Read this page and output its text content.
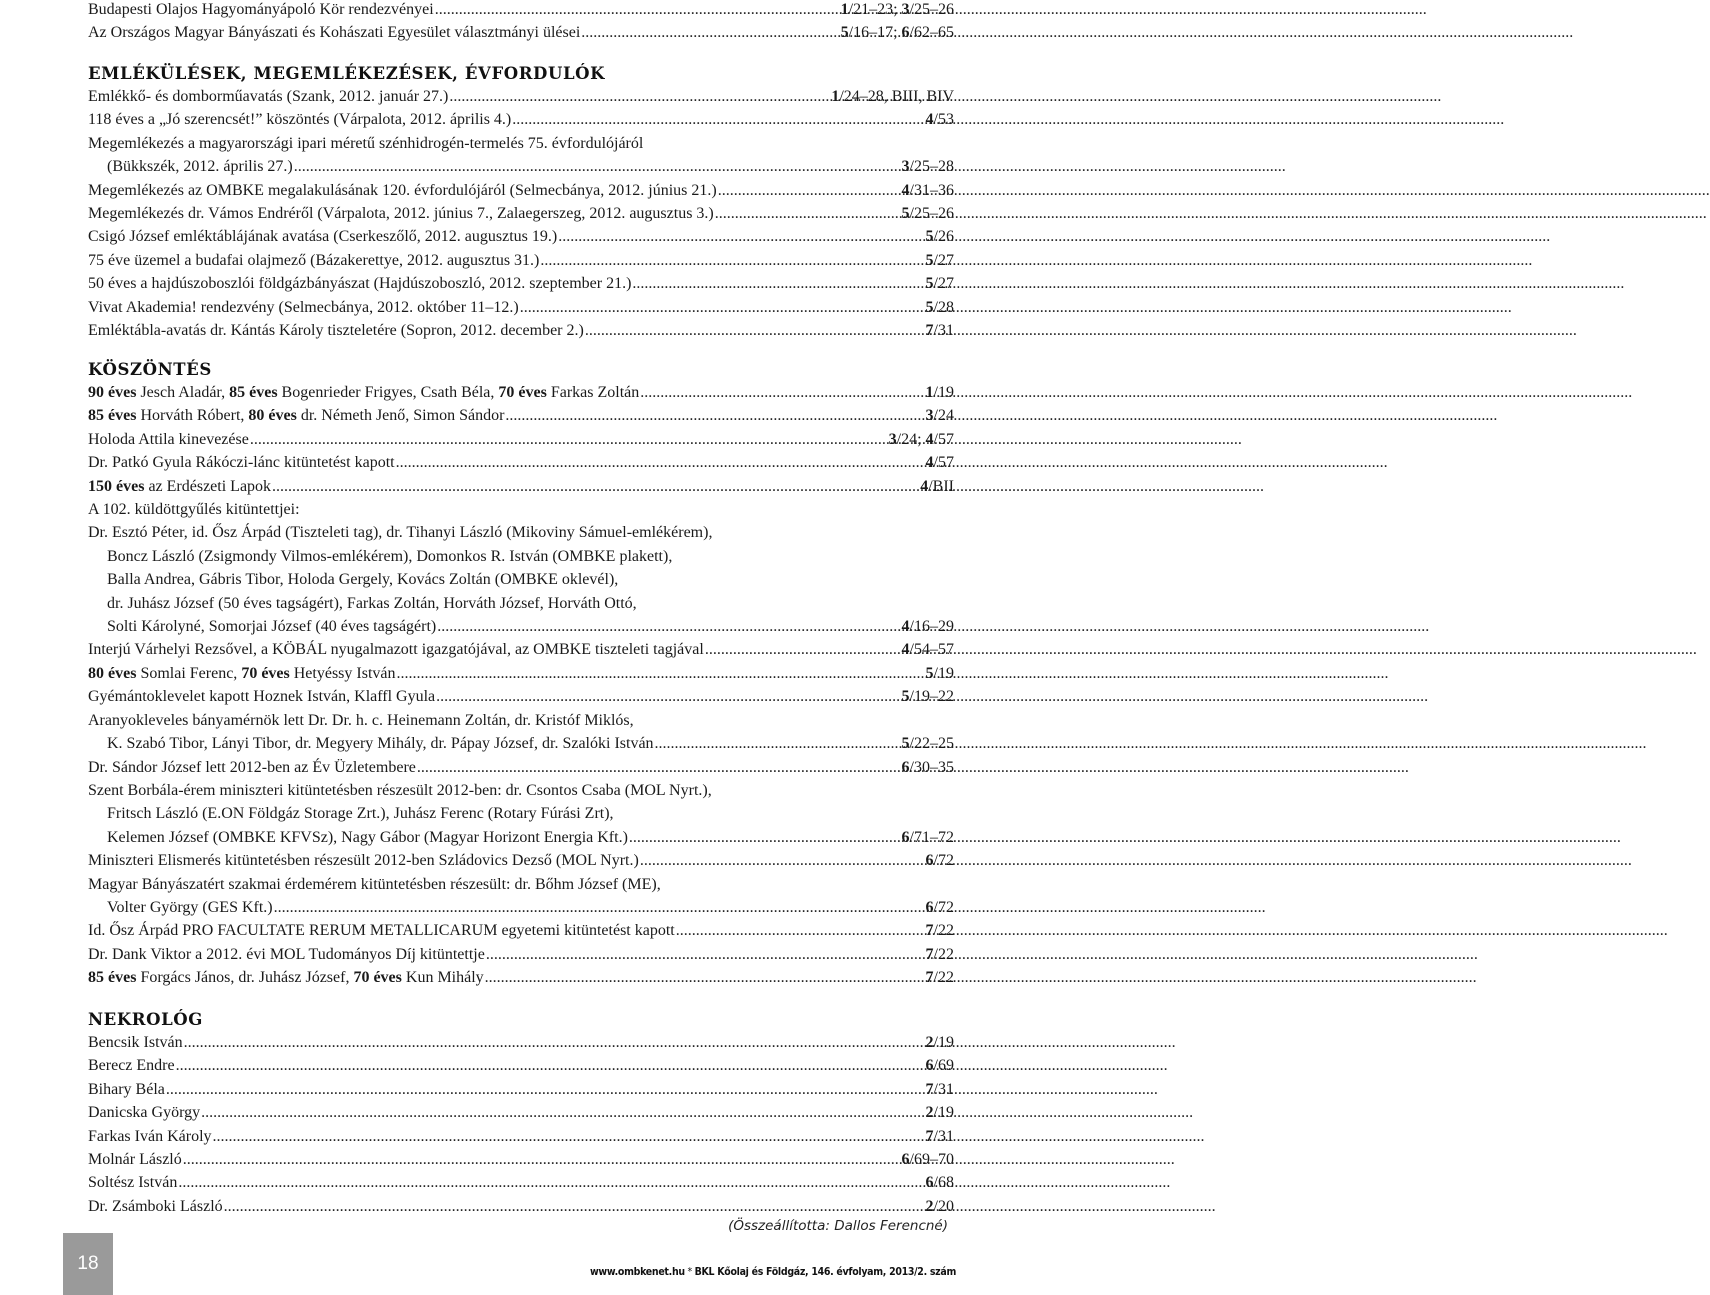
Budapesti Olajos Hagyományápoló Kör rendezvényei .....	1/21–23; 3/25–26
Az Országos Magyar Bányászati és Kohászati Egyesület választmányi ülései .....	5/16–17; 6/62–65
EMLÉKÜLÉSEK, MEGEMLÉKEZÉSEK, ÉVFORDULÓK
Emlékkő- és domborműavatás (Szank, 2012. január 27.) .....	1/24–28, BIII, BIV
118 éves a „Jó szerencsét!” köszöntés (Várpalota, 2012. április 4.) .....	4/53
Megemlékezés a magyarországi ipari méretű szénhidrogén-termelés 75. évfordulójáról
(Bükkszék, 2012. április 27.) .....	3/25–28
Megemlékezés az OMBKE megalakulásának 120. évfordulójáról (Selmecbánya, 2012. június 21.) .....	4/31–36
Megemlékezés dr. Vámos Endréről (Várpalota, 2012. június 7., Zalaegerszeg, 2012. augusztus 3.) .....	5/25–26
Csigó József emléktáblájának avatása (Cserkeszőlő, 2012. augusztus 19.) .....	5/26
75 éve üzemel a budafai olajmező (Bázakerettye, 2012. augusztus 31.) .....	5/27
50 éves a hajdúszoboszlói földgázbányászat (Hajdúszoboszló, 2012. szeptember 21.) .....	5/27
Vivat Akademia! rendezvény (Selmecbánya, 2012. október 11–12.) .....	5/28
Emléktábla-avatás dr. Kántás Károly tiszteletére (Sopron, 2012. december 2.) .....	7/31
KÖSZÖNTÉS
90 éves Jesch Aladár, 85 éves Bogenrieder Frigyes, Csath Béla, 70 éves Farkas Zoltán .....	1/19
85 éves Horváth Róbert, 80 éves dr. Németh Jenő, Simon Sándor .....	3/24
Holoda Attila kinevezése .....	3/24; 4/57
Dr. Patkó Gyula Rákóczi-lánc kitüntetést kapott .....	4/57
150 éves az Erdészeti Lapok .....	4/BII
A 102. küldöttgyűlés kitüntettjei:
Dr. Esztó Péter, id. Ősz Árpád (Tiszteleti tag), dr. Tihanyi László (Mikoviny Sámuel-emlékérem),
Boncz László (Zsigmondy Vilmos-emlékérem), Domonkos R. István (OMBKE plakett),
Balla Andrea, Gábris Tibor, Holoda Gergely, Kovács Zoltán (OMBKE oklevél),
dr. Juhász József (50 éves tagságért), Farkas Zoltán, Horváth József, Horváth Ottó,
Solti Károlyné, Somorjai József (40 éves tagságért) .....	4/16–29
Interjú Várhelyi Rezsővel, a KÖBÁL nyugalmazott igazgatójával, az OMBKE tiszteleti tagjával .....	4/54–57
80 éves Somlai Ferenc, 70 éves Hetyéssy István .....	5/19
Gyémántoklevelet kapott Hoznek István, Klaffl Gyula .....	5/19–22
Aranyokleveles bányamérnök lett Dr. Dr. h. c. Heinemann Zoltán, dr. Kristóf Miklós,
K. Szabó Tibor, Lányi Tibor, dr. Megyery Mihály, dr. Pápay József, dr. Szalóki István .....	5/22–25
Dr. Sándor József lett 2012-ben az Év Üzletembere .....	6/30–35
Szent Borbála-érem miniszteri kitüntetésben részesült 2012-ben: dr. Csontos Csaba (MOL Nyrt.),
Fritsch László (E.ON Földgáz Storage Zrt.), Juhász Ferenc (Rotary Fúrási Zrt),
Kelemen József (OMBKE KFVSz), Nagy Gábor (Magyar Horizont Energia Kft.) .....	6/71–72
Miniszteri Elismerés kitüntetésben részesült 2012-ben Szládovics Dezső (MOL Nyrt.) .....	6/72
Magyar Bányászatért szakmai érdemérem kitüntetésben részesült: dr. Bőhm József (ME),
Volter György (GES Kft.) .....	6/72
Id. Ősz Árpád PRO FACULTATE RERUM METALLICARUM egyetemi kitüntetést kapott .....	7/22
Dr. Dank Viktor a 2012. évi MOL Tudományos Díj kitüntettje .....	7/22
85 éves Forgács János, dr. Juhász József, 70 éves Kun Mihály .....	7/22
NEKROLÓG
Bencsik István .....	2/19
Berecz Endre .....	6/69
Bihary Béla .....	7/31
Danicska György .....	2/19
Farkas Iván Károly .....	7/31
Molnár László .....	6/69–70
Soltész István .....	6/68
Dr. Zsámboki László .....	2/20
(Összeállította: Dallos Ferencné)
18	www.ombkenet.hu * BKL Kőolaj és Földgáz, 146. évfolyam, 2013/2. szám
